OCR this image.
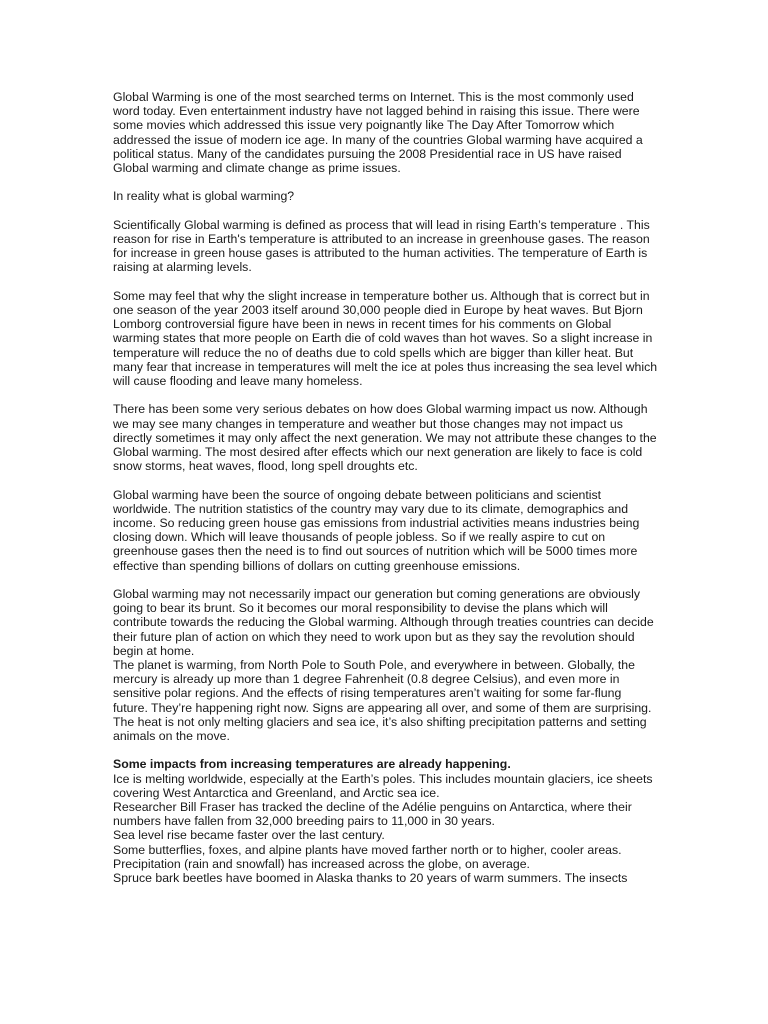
Global Warming is one of the most searched terms on Internet. This is the most commonly used word today. Even entertainment industry have not lagged behind in raising this issue. There were some movies which addressed this issue very poignantly like The Day After Tomorrow which addressed the issue of modern ice age. In many of the countries Global warming have acquired a political status. Many of the candidates pursuing the 2008 Presidential race in US have raised Global warming and climate change as prime issues.

In reality what is global warming?

Scientifically Global warming is defined as process that will lead in rising Earth’s temperature . This reason for rise in Earth's temperature is attributed to an increase in greenhouse gases. The reason for increase in green house gases is attributed to the human activities. The temperature of Earth is raising at alarming levels.

Some may feel that why the slight increase in temperature bother us. Although that is correct but in one season of the year 2003 itself around 30,000 people died in Europe by heat waves. But Bjorn Lomborg controversial figure have been in news in recent times for his comments on Global warming states that more people on Earth die of cold waves than hot waves. So a slight increase in temperature will reduce the no of deaths due to cold spells which are bigger than killer heat. But many fear that increase in temperatures will melt the ice at poles thus increasing the sea level which will cause flooding and leave many homeless.

There has been some very serious debates on how does Global warming impact us now. Although we may see many changes in temperature and weather but those changes may not impact us directly sometimes it may only affect the next generation. We may not attribute these changes to the Global warming. The most desired after effects which our next generation are likely to face is cold snow storms, heat waves, flood, long spell droughts etc.

Global warming have been the source of ongoing debate between politicians and scientist worldwide. The nutrition statistics of the country may vary due to its climate, demographics and income. So reducing green house gas emissions from industrial activities means industries being closing down. Which will leave thousands of people jobless. So if we really aspire to cut on greenhouse gases then the need is to find out sources of nutrition which will be 5000 times more effective than spending billions of dollars on cutting greenhouse emissions.

Global warming may not necessarily impact our generation but coming generations are obviously going to bear its brunt. So it becomes our moral responsibility to devise the plans which will contribute towards the reducing the Global warming. Although through treaties countries can decide their future plan of action on which they need to work upon but as they say the revolution should begin at home.

The planet is warming, from North Pole to South Pole, and everywhere in between. Globally, the mercury is already up more than 1 degree Fahrenheit (0.8 degree Celsius), and even more in sensitive polar regions. And the effects of rising temperatures aren’t waiting for some far-flung future. They’re happening right now. Signs are appearing all over, and some of them are surprising. The heat is not only melting glaciers and sea ice, it’s also shifting precipitation patterns and setting animals on the move.

Some impacts from increasing temperatures are already happening.

Ice is melting worldwide, especially at the Earth’s poles. This includes mountain glaciers, ice sheets covering West Antarctica and Greenland, and Arctic sea ice.
Researcher Bill Fraser has tracked the decline of the Adélie penguins on Antarctica, where their numbers have fallen from 32,000 breeding pairs to 11,000 in 30 years.
Sea level rise became faster over the last century.
Some butterflies, foxes, and alpine plants have moved farther north or to higher, cooler areas.
Precipitation (rain and snowfall) has increased across the globe, on average.
Spruce bark beetles have boomed in Alaska thanks to 20 years of warm summers. The insects
